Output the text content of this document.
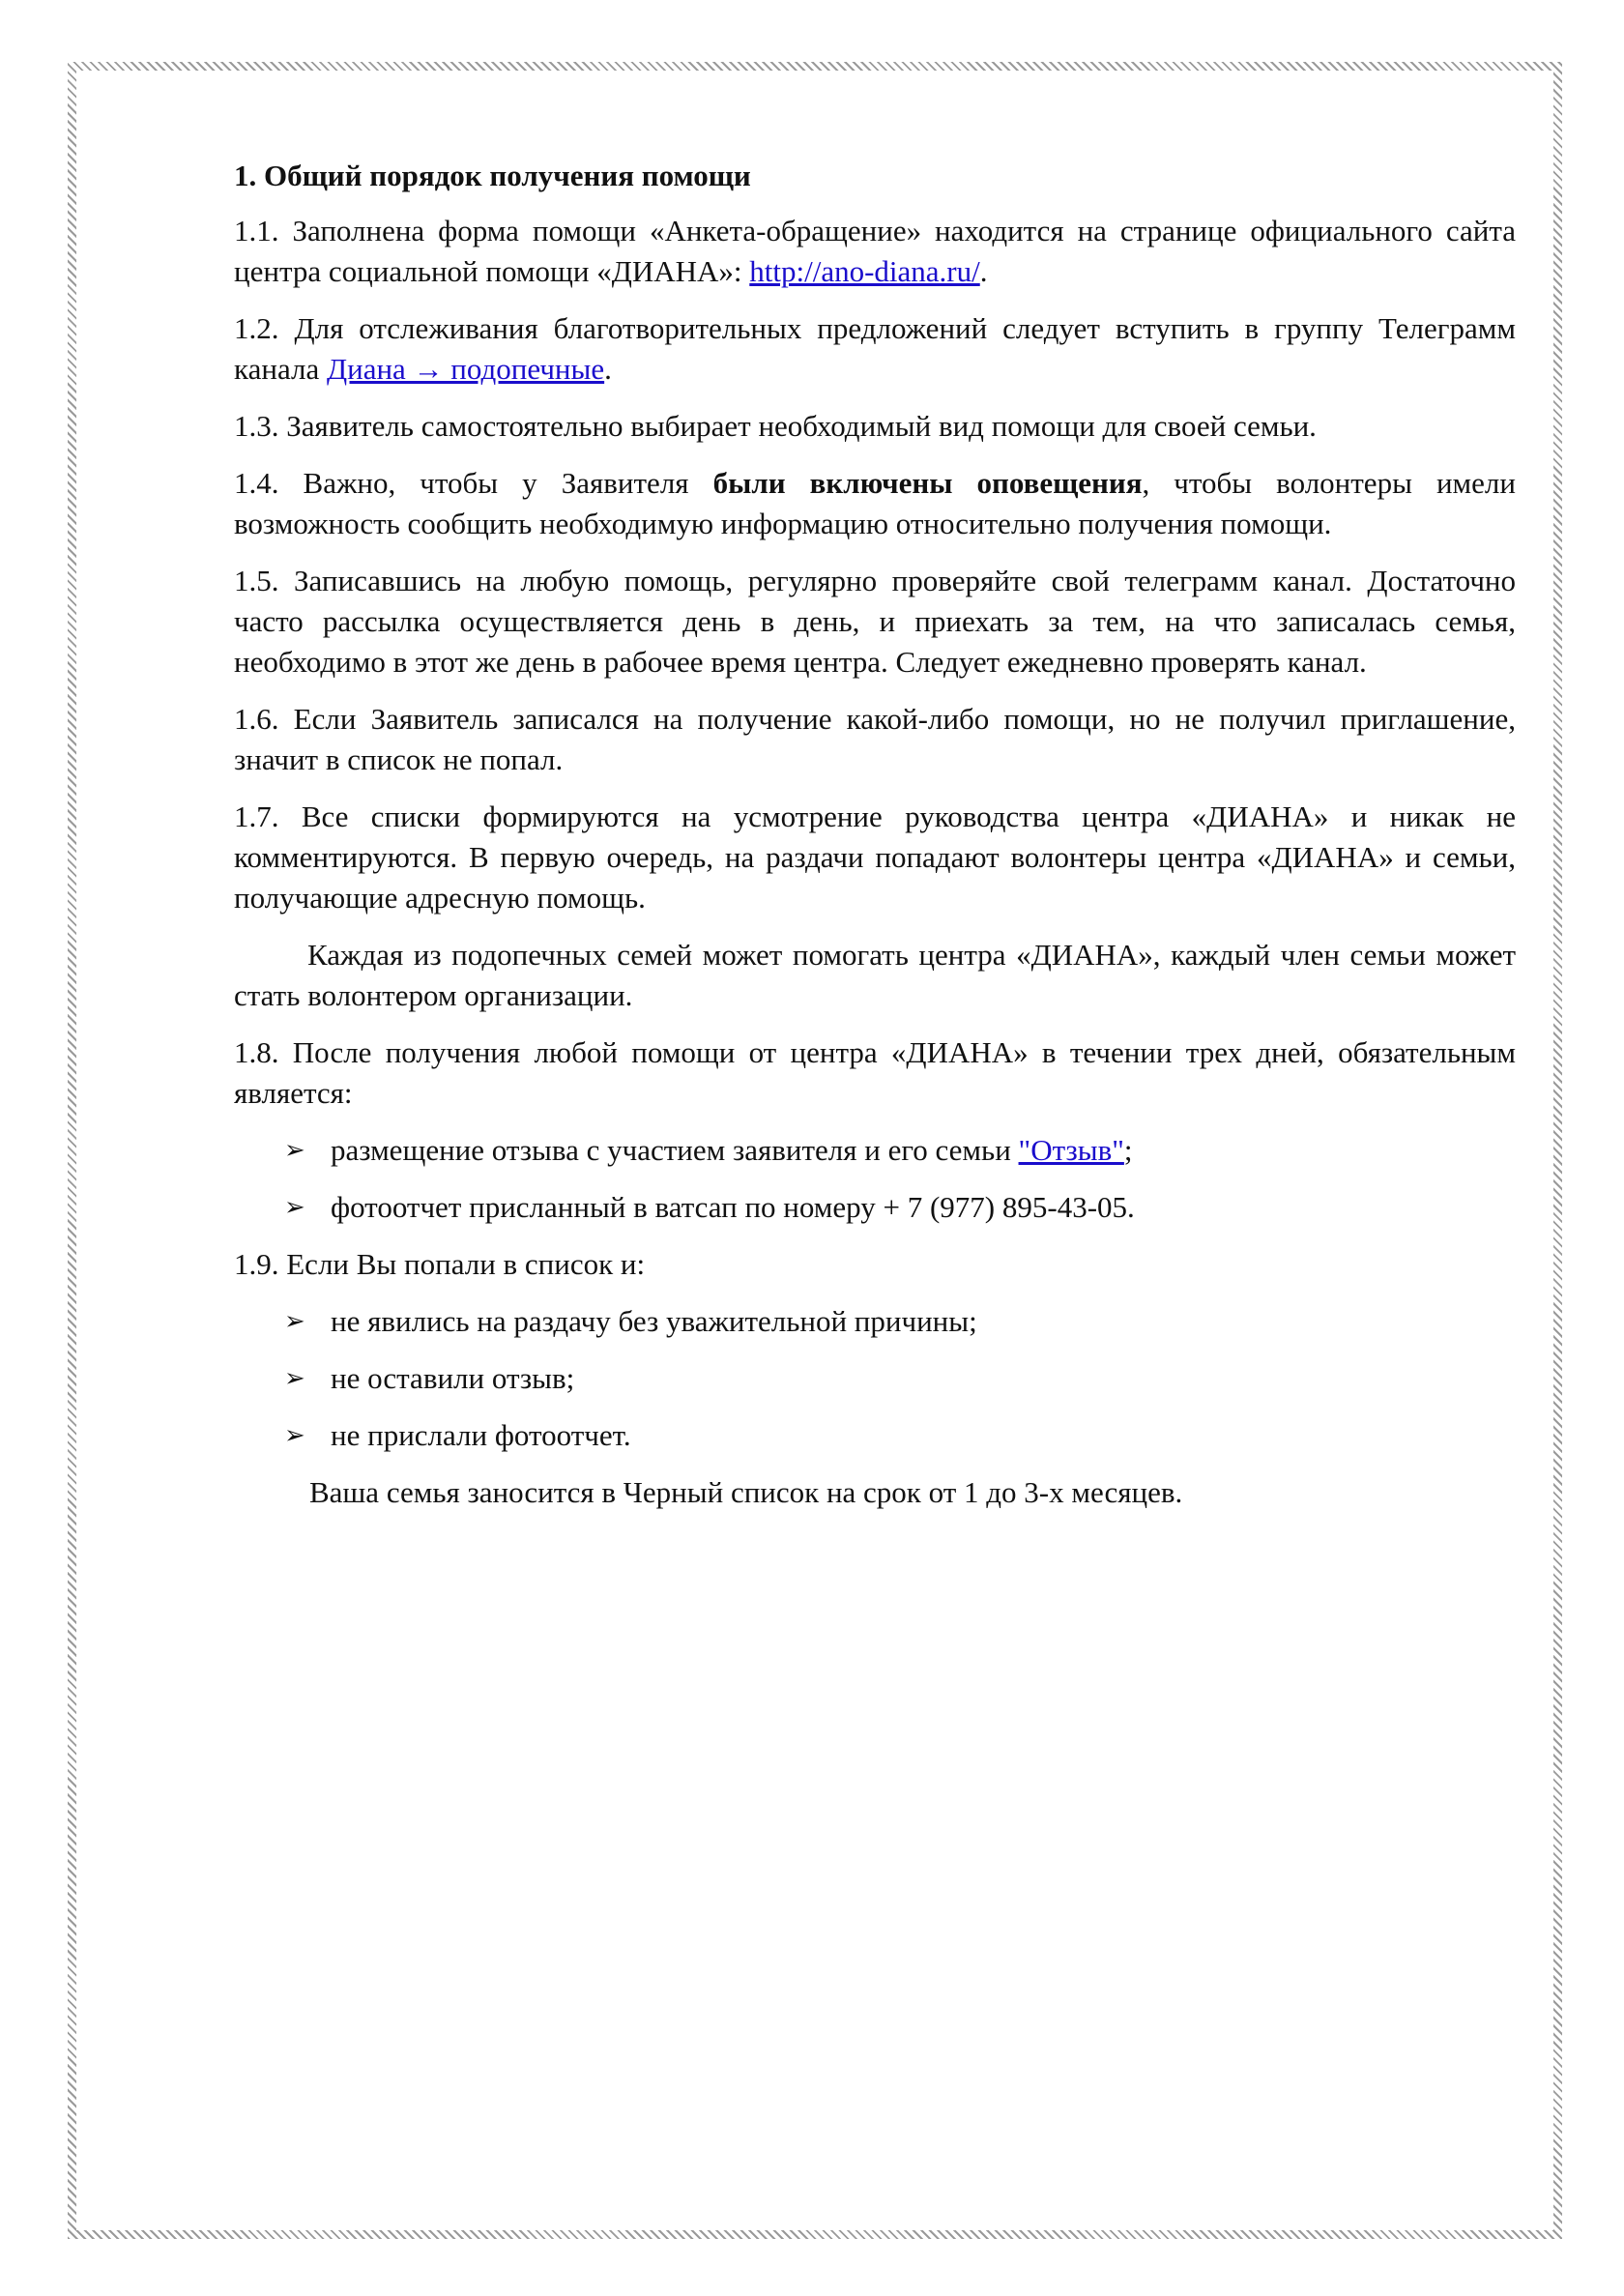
1. Общий порядок получения помощи

1.1. Заполнена форма помощи «Анкета-обращение» находится на странице официального сайта центра социальной помощи «ДИАНА»: http://ano-diana.ru/.

1.2. Для отслеживания благотворительных предложений следует вступить в группу Телеграмм канала Диана → подопечные.

1.3. Заявитель самостоятельно выбирает необходимый вид помощи для своей семьи.

1.4. Важно, чтобы у Заявителя были включены оповещения, чтобы волонтеры имели возможность сообщить необходимую информацию относительно получения помощи.

1.5. Записавшись на любую помощь, регулярно проверяйте свой телеграмм канал. Достаточно часто рассылка осуществляется день в день, и приехать за тем, на что записалась семья, необходимо в этот же день в рабочее время центра. Следует ежедневно проверять канал.

1.6. Если Заявитель записался на получение какой-либо помощи, но не получил приглашение, значит в список не попал.

1.7. Все списки формируются на усмотрение руководства центра «ДИАНА» и никак не комментируются. В первую очередь, на раздачи попадают волонтеры центра «ДИАНА» и семьи, получающие адресную помощь.

Каждая из подопечных семей может помогать центра «ДИАНА», каждый член семьи может стать волонтером организации.

1.8. После получения любой помощи от центра «ДИАНА» в течении трех дней, обязательным является:

➢ размещение отзыва с участием заявителя и его семьи "Отзыв";
➢ фотоотчет присланный в ватсап по номеру + 7 (977) 895-43-05.

1.9. Если Вы попали в список и:

➢ не явились на раздачу без уважительной причины;
➢ не оставили отзыв;
➢ не прислали фотоотчет.

Ваша семья заносится в Черный список на срок от 1 до 3-х месяцев.
